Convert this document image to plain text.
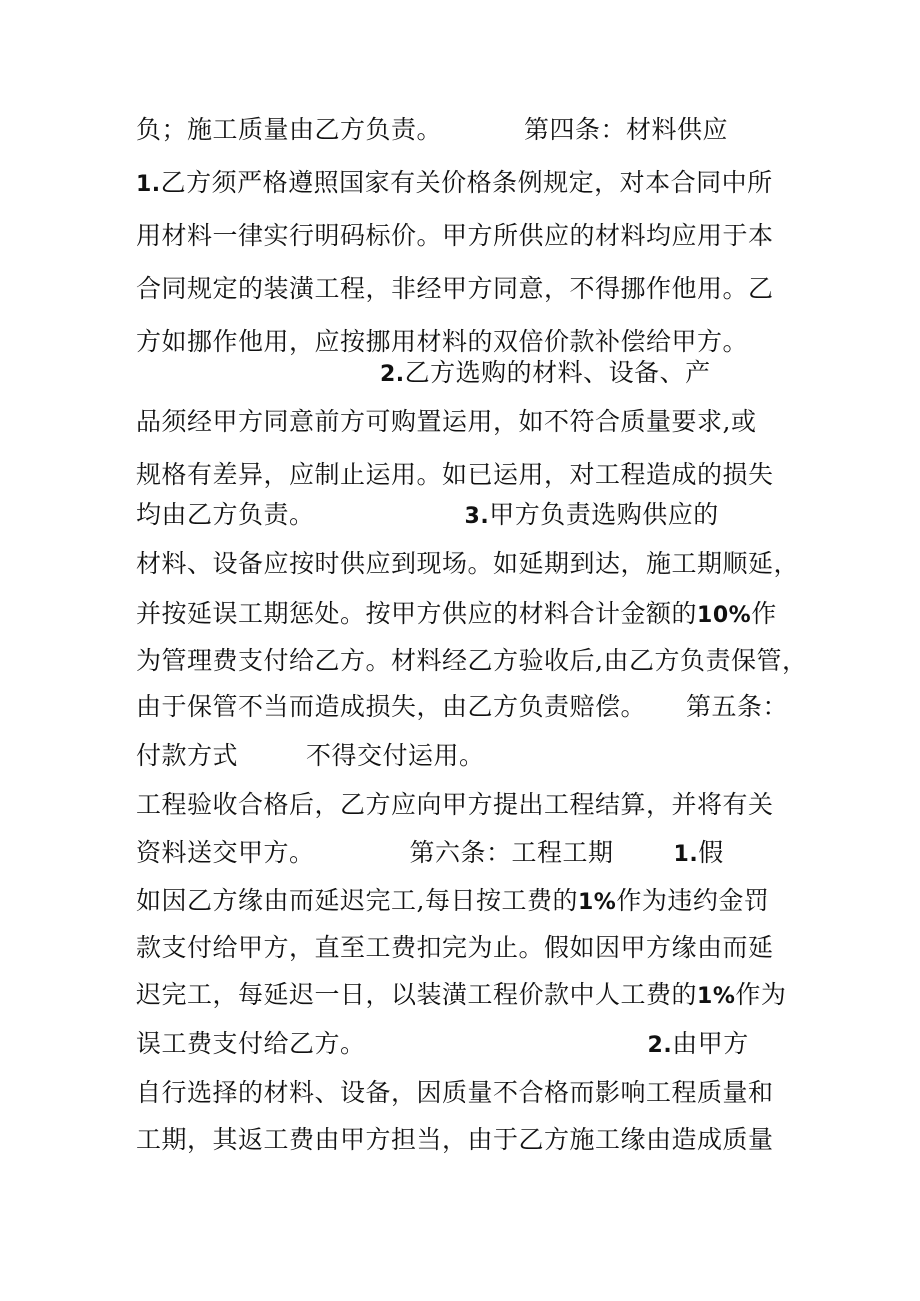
负；施工质量由乙方负责。	第四条：材料供应
1.乙方须严格遵照国家有关价格条例规定，对本合同中所
用材料一律实行明码标价。甲方所供应的材料均应用于本
合同规定的装潢工程，非经甲方同意，不得挪作他用。乙
方如挪作他用，应按挪用材料的双倍价款补偿给甲方。
2.乙方选购的材料、设备、产
品须经甲方同意前方可购置运用，如不符合质量要求,或
规格有差异，应制止运用。如已运用，对工程造成的损失
均由乙方负责。	3.甲方负责选购供应的
材料、设备应按时供应到现场。如延期到达，施工期顺延，
并按延误工期惩处。按甲方供应的材料合计金额的10%作
为管理费支付给乙方。材料经乙方验收后,由乙方负责保管，
由于保管不当而造成损失，由乙方负责赔偿。 第五条：
付款方式	不得交付运用。
工程验收合格后，乙方应向甲方提出工程结算，并将有关
资料送交甲方。	第六条：工程工期	1.假
如因乙方缘由而延迟完工,每日按工费的1%作为违约金罚
款支付给甲方，直至工费扣完为止。假如因甲方缘由而延
迟完工，每延迟一日，以装潢工程价款中人工费的1%作为
误工费支付给乙方。	2.由甲方
自行选择的材料、设备，因质量不合格而影响工程质量和
工期，其返工费由甲方担当，由于乙方施工缘由造成质量
